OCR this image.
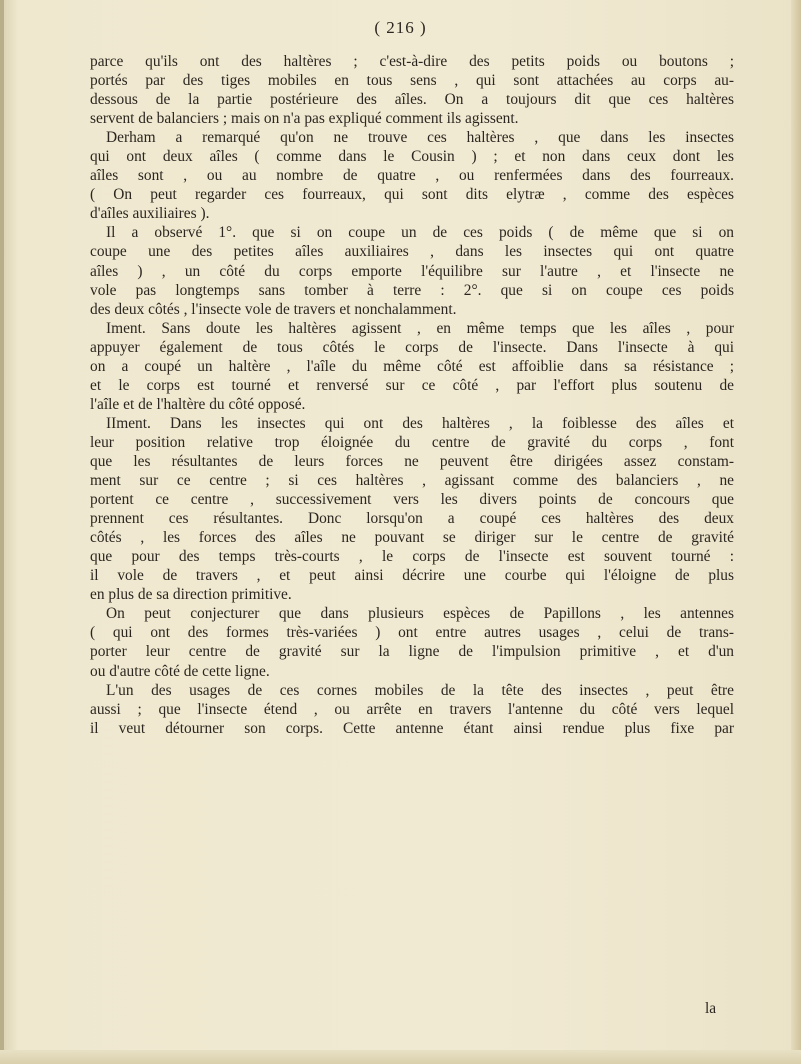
( 216 )
parce qu'ils ont des haltères ; c'est-à-dire des petits poids ou boutons ;
portés par des tiges mobiles en tous sens , qui sont attachées au corps au-
dessous de la partie postérieure des aîles. On a toujours dit que ces haltères
servent de balanciers ; mais on n'a pas expliqué comment ils agissent.
Derham a remarqué qu'on ne trouve ces haltères , que dans les insectes
qui ont deux aîles ( comme dans le Cousin ) ; et non dans ceux dont les
aîles sont , ou au nombre de quatre , ou renfermées dans des fourreaux.
( On peut regarder ces fourreaux, qui sont dits elytræ , comme des espèces
d'aîles auxiliaires ).
Il a observé 1°. que si on coupe un de ces poids ( de même que si on
coupe une des petites aîles auxiliaires , dans les insectes qui ont quatre
aîles ) , un côté du corps emporte l'équilibre sur l'autre , et l'insecte ne
vole pas longtemps sans tomber à terre : 2°. que si on coupe ces poids
des deux côtés , l'insecte vole de travers et nonchalamment.
Iment. Sans doute les haltères agissent , en même temps que les aîles , pour
appuyer également de tous côtés le corps de l'insecte. Dans l'insecte à qui
on a coupé un haltère , l'aîle du même côté est affoiblie dans sa résistance ;
et le corps est tourné et renversé sur ce côté , par l'effort plus soutenu de
l'aîle et de l'haltère du côté opposé.
IIment. Dans les insectes qui ont des haltères , la foiblesse des aîles et
leur position relative trop éloignée du centre de gravité du corps , font
que les résultantes de leurs forces ne peuvent être dirigées assez constam-
ment sur ce centre ; si ces haltères , agissant comme des balanciers , ne
portent ce centre , successivement vers les divers points de concours que
prennent ces résultantes. Donc lorsqu'on a coupé ces haltères des deux
côtés , les forces des aîles ne pouvant se diriger sur le centre de gravité
que pour des temps très-courts , le corps de l'insecte est souvent tourné :
il vole de travers , et peut ainsi décrire une courbe qui l'éloigne de plus
en plus de sa direction primitive.
On peut conjecturer que dans plusieurs espèces de Papillons , les antennes
( qui ont des formes très-variées ) ont entre autres usages , celui de trans-
porter leur centre de gravité sur la ligne de l'impulsion primitive , et d'un
ou d'autre côté de cette ligne.
L'un des usages de ces cornes mobiles de la tête des insectes , peut être
aussi ; que l'insecte étend , ou arrête en travers l'antenne du côté vers lequel
il veut détourner son corps. Cette antenne étant ainsi rendue plus fixe par
la
